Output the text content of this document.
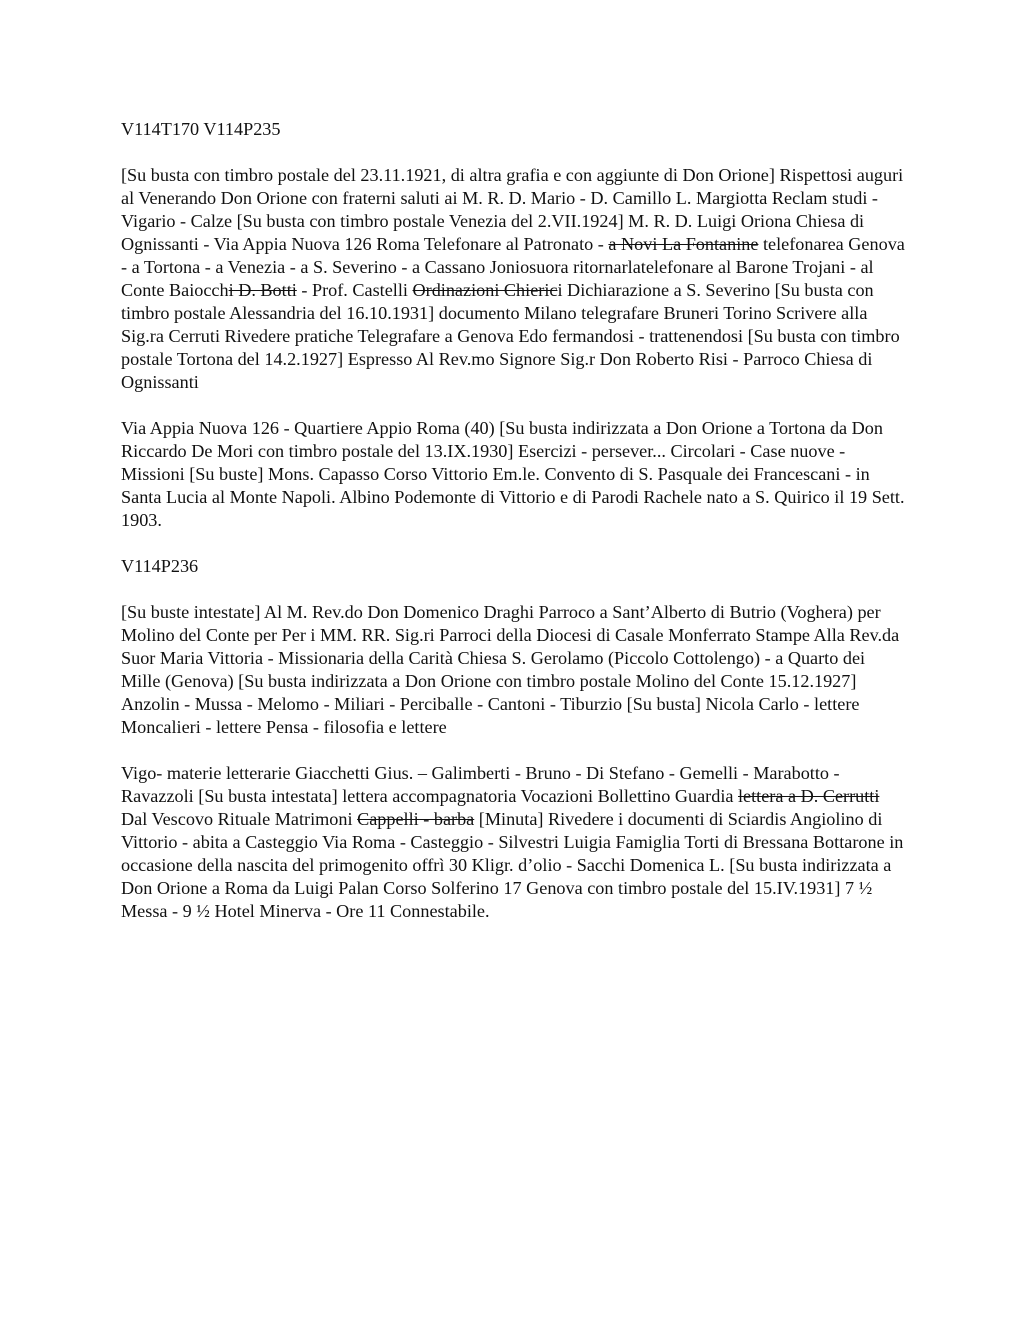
V114T170 V114P235

[Su busta con timbro postale del 23.11.1921, di altra grafia e con aggiunte di Don Orione] Rispettosi auguri al Venerando Don Orione con fraterni saluti ai M. R. D. Mario - D. Camillo L. Margiotta Reclam studi - Vigario - Calze [Su busta con timbro postale Venezia del 2.VII.1924] M. R. D. Luigi Oriona Chiesa di Ognissanti - Via Appia Nuova 126 Roma Telefonare al Patronato - a Novi La Fontanine telefonarea Genova - a Tortona - a Venezia - a S. Severino - a Cassano Joniosuora ritornarlatelefonare al Barone Trojani - al Conte Baiocchi D. Botti - Prof. Castelli Ordinazioni Chierici Dichiarazione a S. Severino [Su busta con timbro postale Alessandria del 16.10.1931] documento Milano telegrafare Bruneri Torino Scrivere alla Sig.ra Cerruti Rivedere pratiche Telegrafare a Genova Edo fermandosi - trattenendosi [Su busta con timbro postale Tortona del 14.2.1927] Espresso Al Rev.mo Signore Sig.r Don Roberto Risi - Parroco Chiesa di Ognissanti

Via Appia Nuova 126 - Quartiere Appio Roma (40) [Su busta indirizzata a Don Orione a Tortona da Don Riccardo De Mori con timbro postale del 13.IX.1930] Esercizi - persever... Circolari - Case nuove - Missioni [Su buste] Mons. Capasso Corso Vittorio Em.le. Convento di S. Pasquale dei Francescani - in Santa Lucia al Monte Napoli. Albino Podemonte di Vittorio e di Parodi Rachele nato a S. Quirico il 19 Sett. 1903.

V114P236

[Su buste intestate] Al M. Rev.do Don Domenico Draghi Parroco a Sant’Alberto di Butrio (Voghera) per Molino del Conte per Per i MM. RR. Sig.ri Parroci della Diocesi di Casale Monferrato Stampe Alla Rev.da Suor Maria Vittoria - Missionaria della Carità Chiesa S. Gerolamo (Piccolo Cottolengo) - a Quarto dei Mille (Genova) [Su busta indirizzata a Don Orione con timbro postale Molino del Conte 15.12.1927] Anzolin - Mussa - Melomo - Miliari - Perciballe - Cantoni - Tiburzio [Su busta] Nicola Carlo - lettere Moncalieri - lettere Pensa - filosofia e lettere

Vigo- materie letterarie Giacchetti Gius. – Galimberti - Bruno - Di Stefano - Gemelli - Marabotto - Ravazzoli [Su busta intestata] lettera accompagnatoria Vocazioni Bollettino Guardia lettera a D. Cerrutti Dal Vescovo Rituale Matrimoni Cappelli - barba [Minuta] Rivedere i documenti di Sciardis Angiolino di Vittorio - abita a Casteggio Via Roma - Casteggio - Silvestri Luigia Famiglia Torti di Bressana Bottarone in occasione della nascita del primogenito offrì 30 Kligr. d’olio - Sacchi Domenica L. [Su busta indirizzata a Don Orione a Roma da Luigi Palan Corso Solferino 17 Genova con timbro postale del 15.IV.1931] 7 ½ Messa - 9 ½ Hotel Minerva - Ore 11 Connestabile.
